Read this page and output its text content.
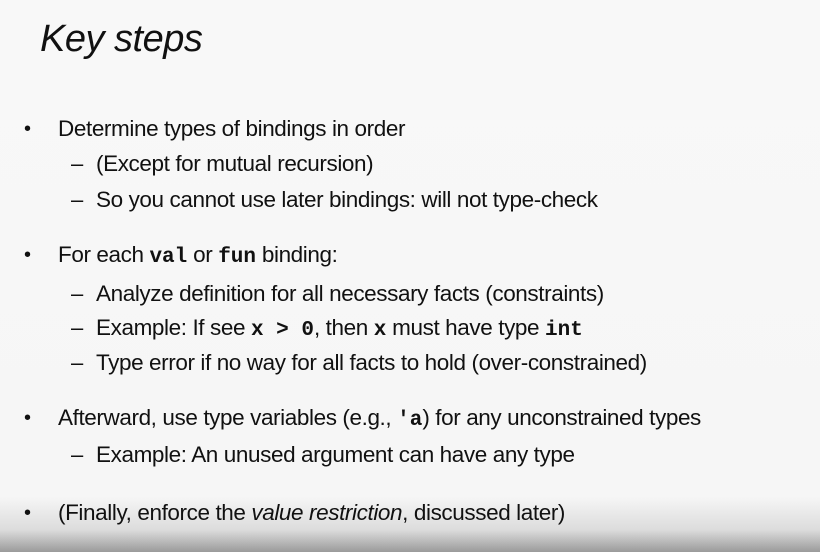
Key steps
• Determine types of bindings in order
– (Except for mutual recursion)
– So you cannot use later bindings: will not type-check
• For each val or fun binding:
– Analyze definition for all necessary facts (constraints)
– Example: If see x > 0, then x must have type int
– Type error if no way for all facts to hold (over-constrained)
• Afterward, use type variables (e.g., 'a) for any unconstrained types
– Example: An unused argument can have any type
• (Finally, enforce the value restriction, discussed later)
